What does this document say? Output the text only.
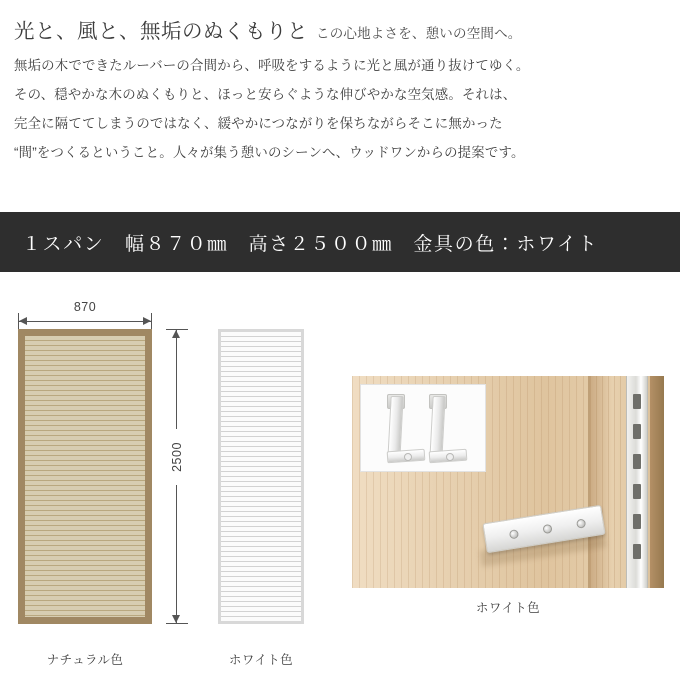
光と、風と、無垢のぬくもりと この心地よさを、憩いの空間へ。

無垢の木でできたルーバーの合間から、呼吸をするように光と風が通り抜けてゆく。

その、穏やかな木のぬくもりと、ほっと安らぐような伸びやかな空気感。それは、

完全に隔ててしまうのではなく、緩やかにつながりを保ちながらそこに無かった

“間”をつくるということ。人々が集う憩いのシーンへ、ウッドワンからの提案です。

１スパン　幅８７０㎜　高さ２５００㎜　金具の色：ホワイト
870
ナチュラル色
2500
ホワイト色
ホワイト色
